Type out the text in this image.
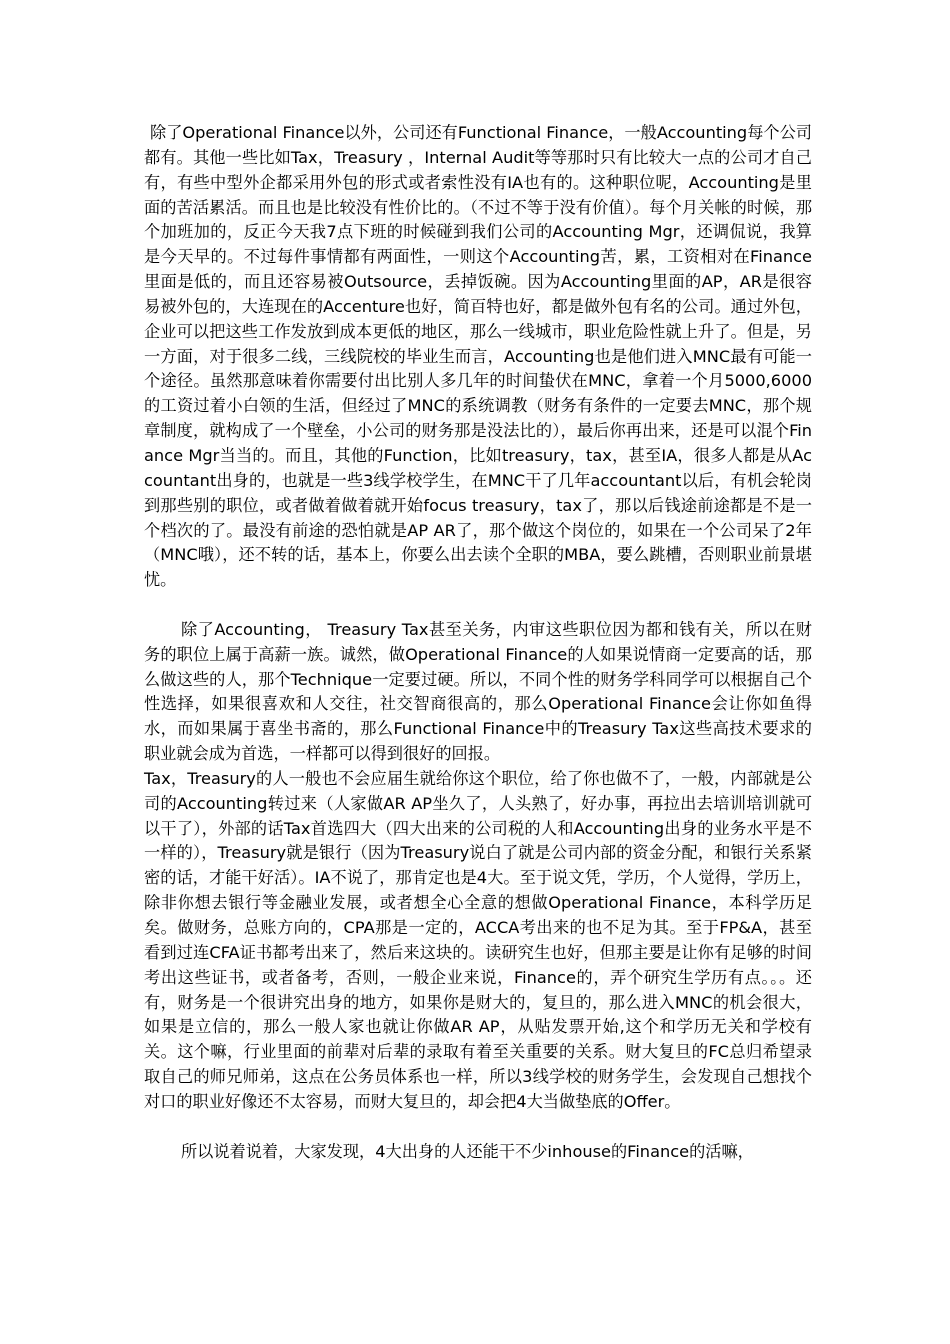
除了Operational Finance以外，公司还有Functional Finance，一般Accounting每个公司都有。其他一些比如Tax，Treasury ，Internal Audit等等那时只有比较大一点的公司才自己有，有些中型外企都采用外包的形式或者索性没有IA也有的。这种职位呢，Accounting是里面的苦活累活。而且也是比较没有性价比的。（不过不等于没有价值）。每个月关帐的时候，那个加班加的，反正今天我7点下班的时候碰到我们公司的Accounting Mgr，还调侃说，我算是今天早的。不过每件事情都有两面性，一则这个Accounting苦，累，工资相对在Finance里面是低的，而且还容易被Outsource，丢掉饭碗。因为Accounting里面的AP，AR是很容易被外包的，大连现在的Accenture也好，简百特也好，都是做外包有名的公司。通过外包，企业可以把这些工作发放到成本更低的地区，那么一线城市，职业危险性就上升了。但是，另一方面，对于很多二线，三线院校的毕业生而言，Accounting也是他们进入MNC最有可能一个途径。虽然那意味着你需要付出比别人多几年的时间蛰伏在MNC，拿着一个月5000,6000的工资过着小白领的生活，但经过了MNC的系统调教（财务有条件的一定要去MNC，那个规章制度，就构成了一个壁垒，小公司的财务那是没法比的），最后你再出来，还是可以混个Finance Mgr当当的。而且，其他的Function，比如treasury，tax，甚至IA，很多人都是从Accountant出身的，也就是一些3线学校学生，在MNC干了几年accountant以后，有机会轮岗到那些别的职位，或者做着做着就开始focus treasury，tax了，那以后钱途前途都是不是一个档次的了。最没有前途的恐怕就是AP AR了，那个做这个岗位的，如果在一个公司呆了2年（MNC哦），还不转的话，基本上，你要么出去读个全职的MBA，要么跳槽，否则职业前景堪忧。

除了Accounting， Treasury Tax甚至关务，内审这些职位因为都和钱有关，所以在财务的职位上属于高薪一族。诚然，做Operational Finance的人如果说情商一定要高的话，那么做这些的人，那个Technique一定要过硬。所以，不同个性的财务学科同学可以根据自己个性选择，如果很喜欢和人交往，社交智商很高的，那么Operational Finance会让你如鱼得水，而如果属于喜坐书斋的，那么Functional Finance中的Treasury Tax这些高技术要求的职业就会成为首选，一样都可以得到很好的回报。

Tax，Treasury的人一般也不会应届生就给你这个职位，给了你也做不了，一般，内部就是公司的Accounting转过来（人家做AR AP坐久了，人头熟了，好办事，再拉出去培训培训就可以干了），外部的话Tax首选四大（四大出来的公司税的人和Accounting出身的业务水平是不一样的），Treasury就是银行（因为Treasury说白了就是公司内部的资金分配，和银行关系紧密的话，才能干好活）。IA不说了，那肯定也是4大。至于说文凭，学历，个人觉得，学历上，除非你想去银行等金融业发展，或者想全心全意的想做Operational Finance，本科学历足矣。做财务，总账方向的，CPA那是一定的，ACCA考出来的也不足为其。至于FP&A，甚至看到过连CFA证书都考出来了，然后来这块的。读研究生也好，但那主要是让你有足够的时间考出这些证书，或者备考，否则，一般企业来说，Finance的，弄个研究生学历有点。。。还有，财务是一个很讲究出身的地方，如果你是财大的，复旦的，那么进入MNC的机会很大，如果是立信的，那么一般人家也就让你做AR AP，从贴发票开始,这个和学历无关和学校有关。这个嘛，行业里面的前辈对后辈的录取有着至关重要的关系。财大复旦的FC总归希望录取自己的师兄师弟，这点在公务员体系也一样，所以3线学校的财务学生，会发现自己想找个对口的职业好像还不太容易，而财大复旦的，却会把4大当做垫底的Offer。

所以说着说着，大家发现，4大出身的人还能干不少inhouse的Finance的活嘛，
